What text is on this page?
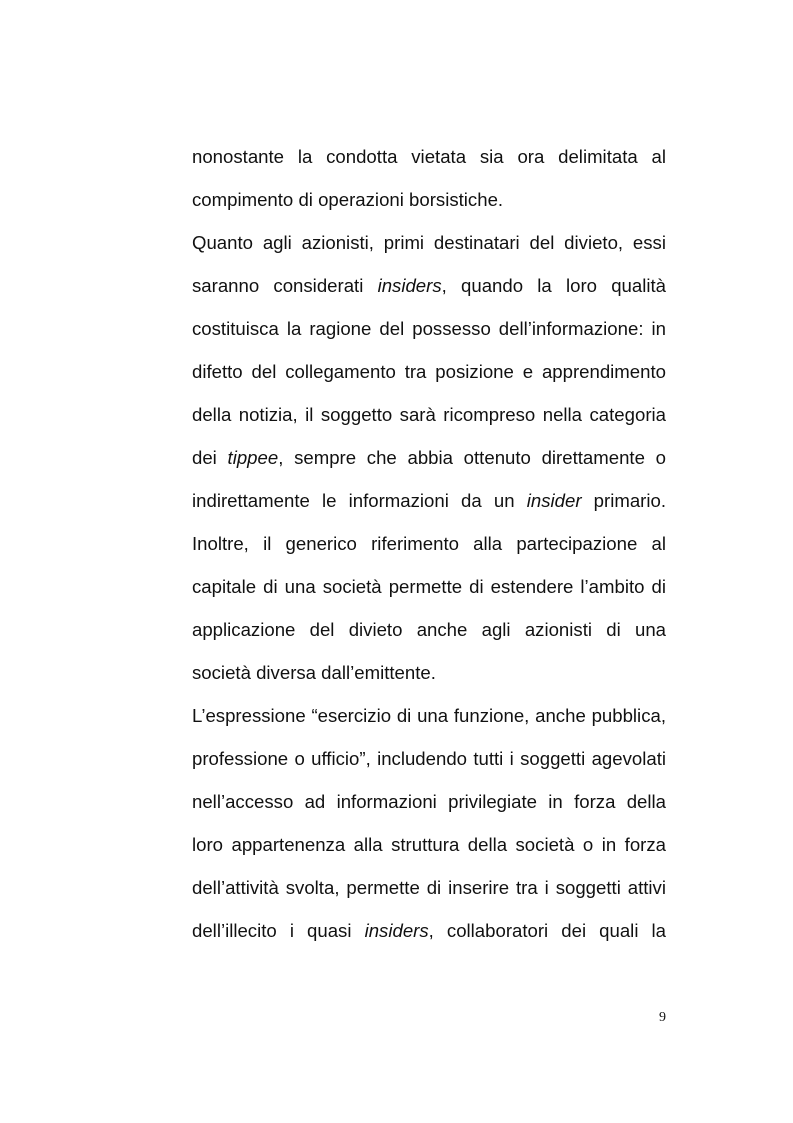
nonostante la condotta vietata sia ora delimitata al
compimento di operazioni borsistiche.
Quanto agli azionisti, primi destinatari del divieto, essi
saranno considerati insiders, quando la loro qualità
costituisca la ragione del possesso dell’informazione: in
difetto del collegamento tra posizione e apprendimento
della notizia, il soggetto sarà ricompreso nella categoria
dei tippee, sempre che abbia ottenuto direttamente o
indirettamente le informazioni da un insider primario.
Inoltre, il generico riferimento alla partecipazione al
capitale di una società permette di estendere l’ambito di
applicazione del divieto anche agli azionisti di una
società diversa dall’emittente.
L’espressione “esercizio di una funzione, anche pubblica,
professione o ufficio”, includendo tutti i soggetti agevolati
nell’accesso ad informazioni privilegiate in forza della
loro appartenenza alla struttura della società o in forza
dell’attività svolta, permette di inserire tra i soggetti attivi
dell’illecito i quasi insiders, collaboratori dei quali la
9
